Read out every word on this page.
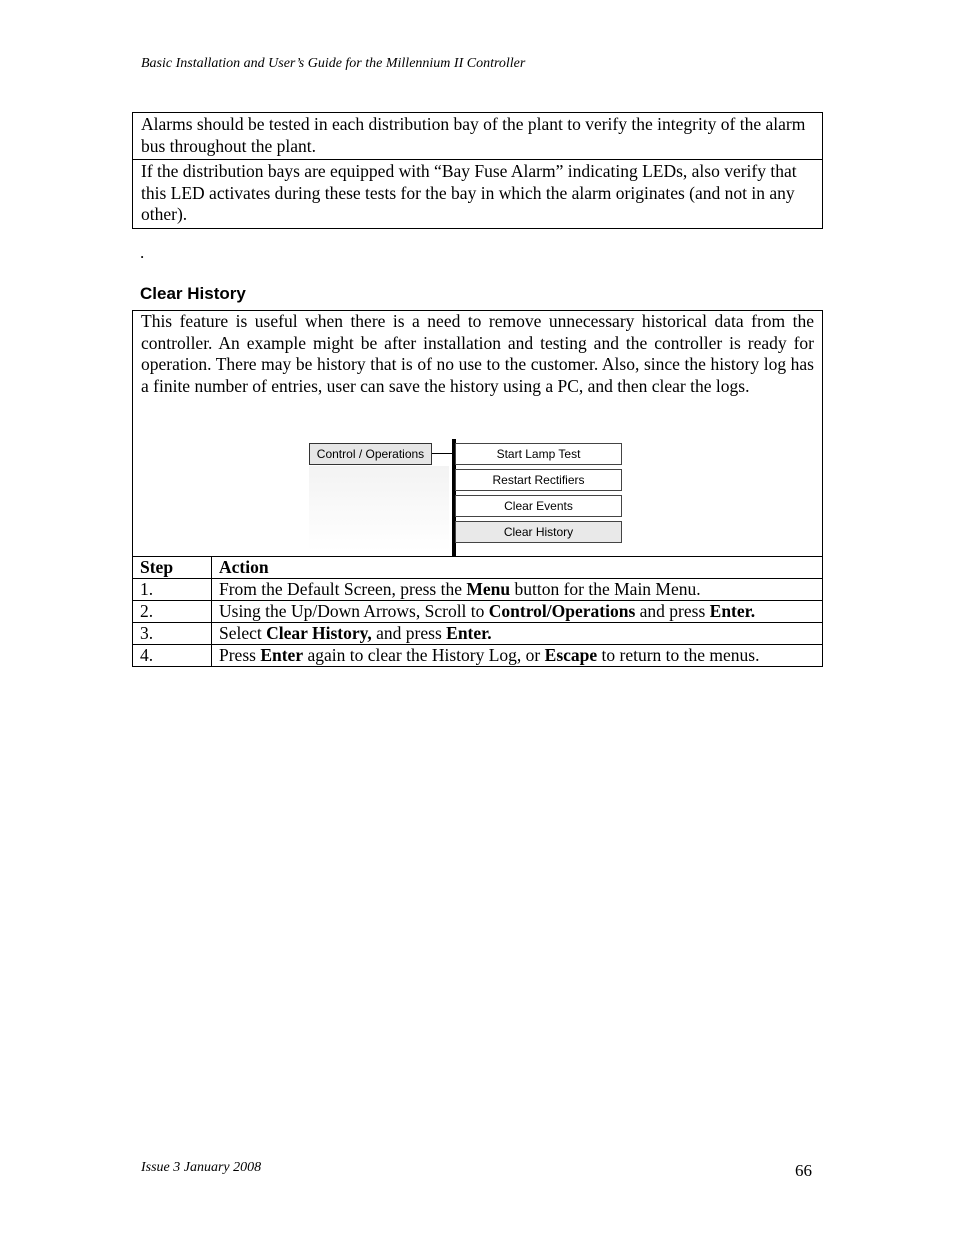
Basic Installation and User’s Guide for the Millennium II Controller
Alarms should be tested in each distribution bay of the plant to verify the integrity of the alarm bus throughout the plant.
If the distribution bays are equipped with “Bay Fuse Alarm” indicating LEDs, also verify that this LED activates during these tests for the bay in which the alarm originates (and not in any other).
.
Clear History
This feature is useful when there is a need to remove unnecessary historical data from the controller. An example might be after installation and testing and the controller is ready for operation. There may be history that is of no use to the customer. Also, since the history log has a finite number of entries, user can save the history using a PC, and then clear the logs.
Control / Operations	Start Lamp Test
Restart Rectifiers
Clear Events
Clear History
Step	Action
1.	From the Default Screen, press the Menu button for the Main Menu.
2.	Using the Up/Down Arrows, Scroll to Control/Operations and press Enter.
3.	Select Clear History, and press Enter.
4.	Press Enter again to clear the History Log, or Escape to return to the menus.
Issue 3 January 2008	66
